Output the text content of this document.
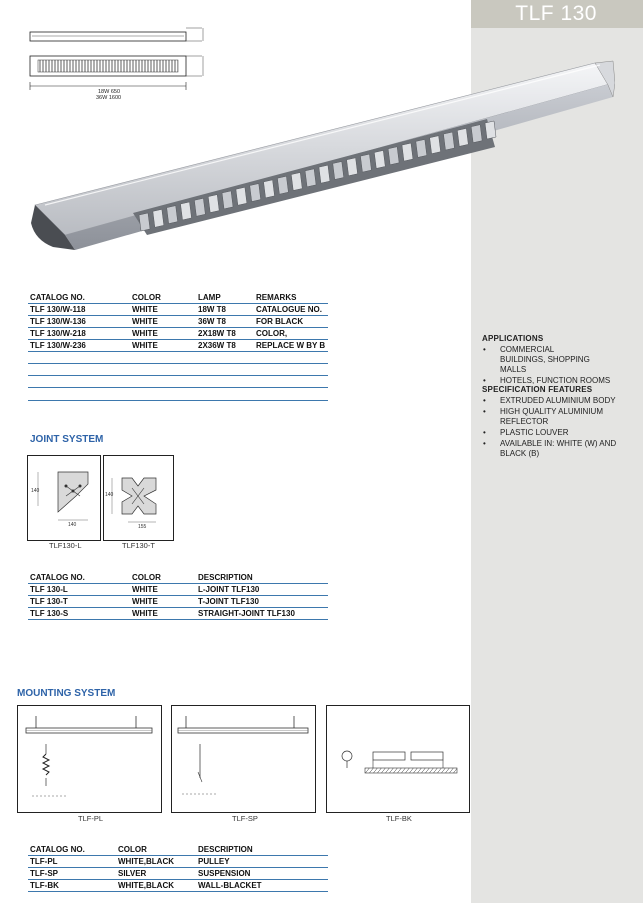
TLF 130
18W 650
36W 1600
CATALOG NO.	COLOR	LAMP	REMARKS
TLF 130/W-118	WHITE	18W T8	CATALOGUE NO.
TLF 130/W-136	WHITE	36W T8	FOR BLACK
TLF 130/W-218	WHITE	2X18W T8	COLOR,
TLF 130/W-236	WHITE	2X36W T8	REPLACE W BY B
APPLICATIONS
• COMMERCIAL BUILDINGS, SHOPPING MALLS
• HOTELS, FUNCTION ROOMS
SPECIFICATION FEATURES
• EXTRUDED ALUMINIUM BODY
• HIGH QUALITY ALUMINIUM REFLECTOR
• PLASTIC LOUVER
• AVAILABLE IN: WHITE (W) AND BLACK (B)
JOINT SYSTEM
140
140
140
155
TLF130-L	TLF130-T
CATALOG NO.	COLOR	DESCRIPTION
TLF 130-L	WHITE	L-JOINT TLF130
TLF 130-T	WHITE	T-JOINT TLF130
TLF 130-S	WHITE	STRAIGHT-JOINT TLF130
MOUNTING SYSTEM
TLF-PL	TLF-SP	TLF-BK
CATALOG NO.	COLOR	DESCRIPTION
TLF-PL	WHITE,BLACK	PULLEY
TLF-SP	SILVER	SUSPENSION
TLF-BK	WHITE,BLACK	WALL-BLACKET
